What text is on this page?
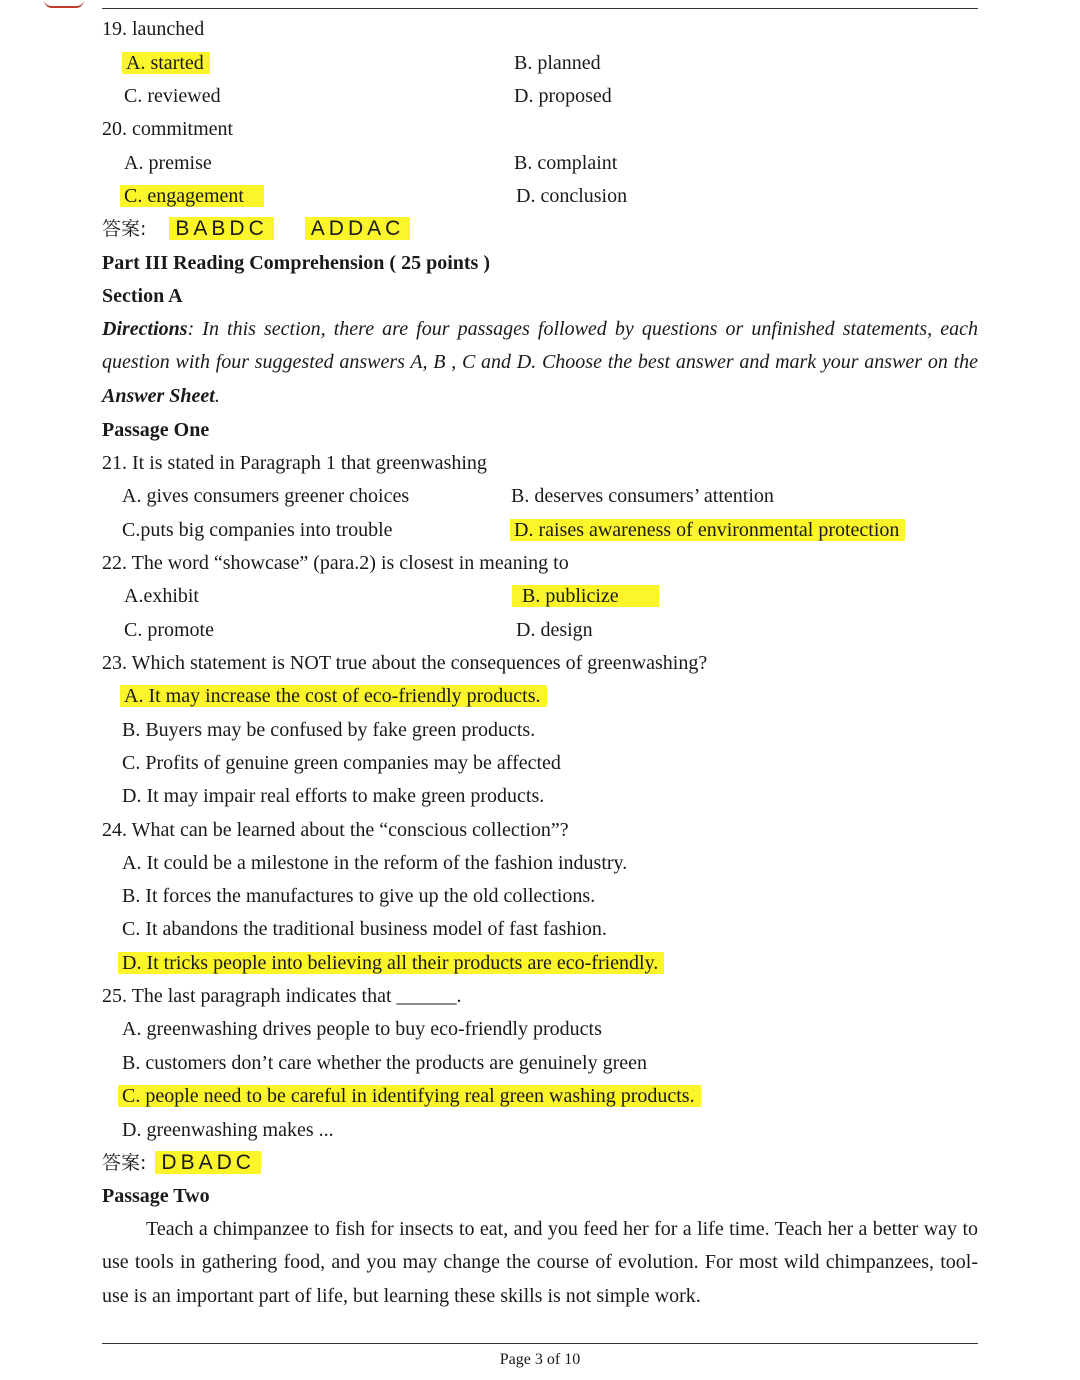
19. launched
A. started	B. planned
C. reviewed	D. proposed
20. commitment
A. premise	B. complaint
C. engagement	D. conclusion
答案: BABDC ADDAC
Part III Reading Comprehension ( 25 points )
Section A
Directions: In this section, there are four passages followed by questions or unfinished statements, each question with four suggested answers A, B , C and D. Choose the best answer and mark your answer on the Answer Sheet.
Passage One
21. It is stated in Paragraph 1 that greenwashing
A. gives consumers greener choices	B. deserves consumers’ attention
C.puts big companies into trouble	D. raises awareness of environmental protection
22. The word “showcase” (para.2) is closest in meaning to
A.exhibit	B. publicize
C. promote	D. design
23. Which statement is NOT true about the consequences of greenwashing?
A. It may increase the cost of eco-friendly products.
B. Buyers may be confused by fake green products.
C. Profits of genuine green companies may be affected
D. It may impair real efforts to make green products.
24. What can be learned about the “conscious collection”?
A. It could be a milestone in the reform of the fashion industry.
B. It forces the manufactures to give up the old collections.
C. It abandons the traditional business model of fast fashion.
D. It tricks people into believing all their products are eco-friendly.
25. The last paragraph indicates that ______.
A. greenwashing drives people to buy eco-friendly products
B. customers don’t care whether the products are genuinely green
C. people need to be careful in identifying real green washing products.
D. greenwashing makes ...
答案: DBADC
Passage Two
Teach a chimpanzee to fish for insects to eat, and you feed her for a life time. Teach her a better way to use tools in gathering food, and you may change the course of evolution. For most wild chimpanzees, tool-use is an important part of life, but learning these skills is not simple work.
Page 3 of 10
